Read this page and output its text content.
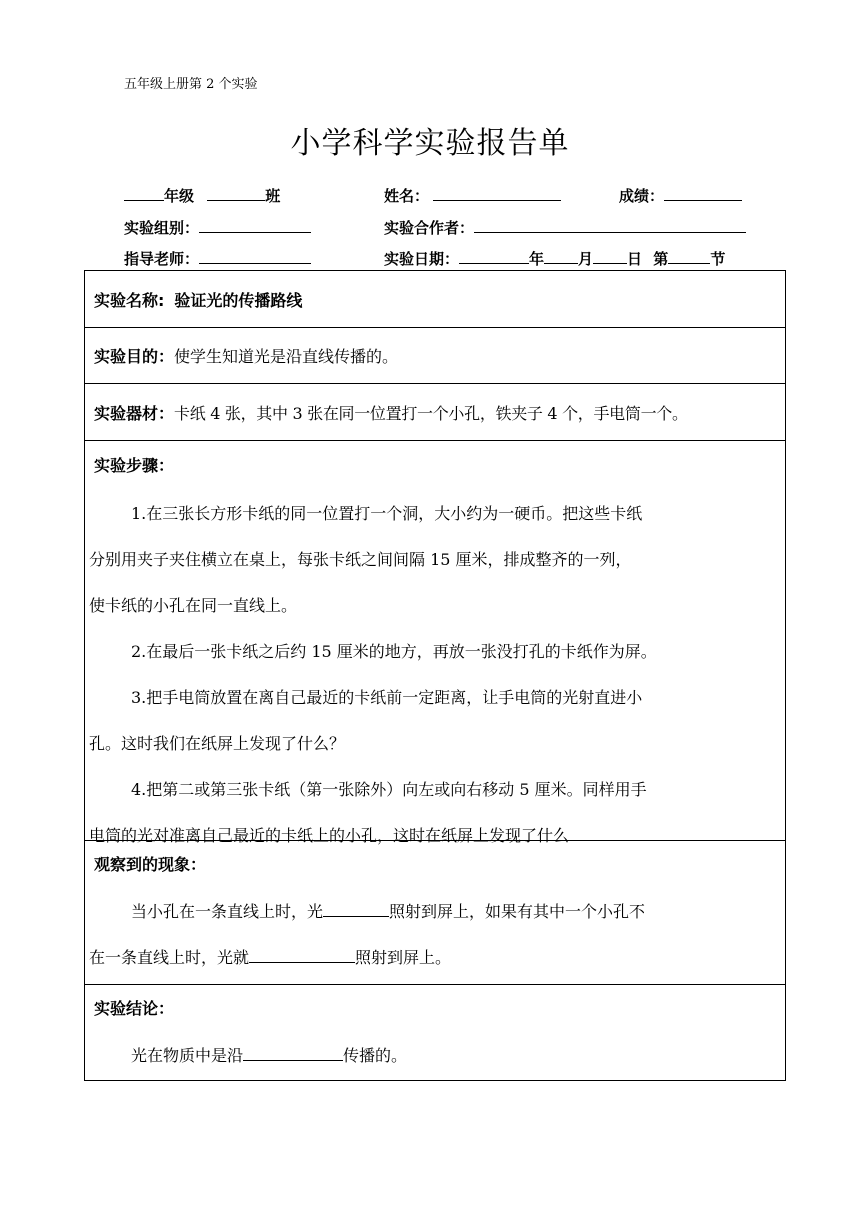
五年级上册第 2 个实验
小学科学实验报告单
年级	班	姓名：	成绩：
实验组别：	实验合作者：
指导老师：	实验日期：	年 月 日 第	节
实验名称: 验证光的传播路线
实验目的： 使学生知道光是沿直线传播的。
实验器材： 卡纸 4 张，其中 3 张在同一位置打一个小孔，铁夹子 4 个，手电筒一个。
实验步骤：
1.在三张长方形卡纸的同一位置打一个洞，大小约为一硬币。把这些卡纸
分别用夹子夹住横立在桌上，每张卡纸之间间隔 15 厘米，排成整齐的一列，
使卡纸的小孔在同一直线上。
2.在最后一张卡纸之后约 15 厘米的地方，再放一张没打孔的卡纸作为屏。
3.把手电筒放置在离自己最近的卡纸前一定距离，让手电筒的光射直进小
孔。这时我们在纸屏上发现了什么？
4.把第二或第三张卡纸（第一张除外）向左或向右移动 5 厘米。同样用手
电筒的光对准离自己最近的卡纸上的小孔，这时在纸屏上发现了什么
观察到的现象：
当小孔在一条直线上时，光	照射到屏上，如果有其中一个小孔不
在一条直线上时，光就	照射到屏上。
实验结论：
光在物质中是沿	传播的。
